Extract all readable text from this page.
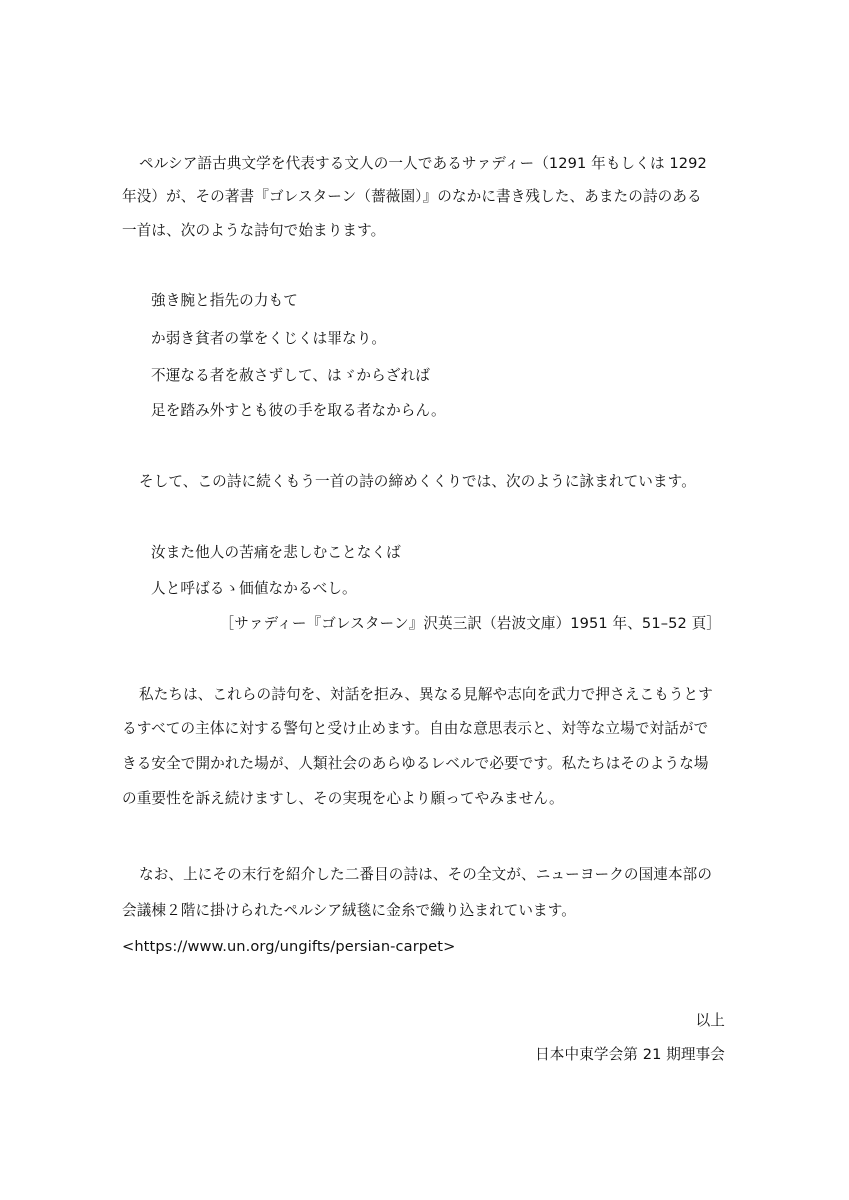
ペルシア語古典文学を代表する文人の一人であるサァディー（1291 年もしくは 1292
年没）が、その著書『ゴレスターン（薔薇園）』のなかに書き残した、あまたの詩のある
一首は、次のような詩句で始まります。
強き腕と指先の力もて
か弱き貧者の掌をくじくは罪なり。
不運なる者を赦さずして、はゞからざれば
足を踏み外すとも彼の手を取る者なからん。
そして、この詩に続くもう一首の詩の締めくくりでは、次のように詠まれています。
汝また他人の苦痛を悲しむことなくば
人と呼ばるゝ価値なかるべし。
［サァディー『ゴレスターン』沢英三訳（岩波文庫）1951 年、51–52 頁］
私たちは、これらの詩句を、対話を拒み、異なる見解や志向を武力で押さえこもうとす
るすべての主体に対する警句と受け止めます。自由な意思表示と、対等な立場で対話がで
きる安全で開かれた場が、人類社会のあらゆるレベルで必要です。私たちはそのような場
の重要性を訴え続けますし、その実現を心より願ってやみません。
なお、上にその末行を紹介した二番目の詩は、その全文が、ニューヨークの国連本部の
会議棟２階に掛けられたペルシア絨毯に金糸で織り込まれています。
<https://www.un.org/ungifts/persian-carpet>
以上
日本中東学会第 21 期理事会
